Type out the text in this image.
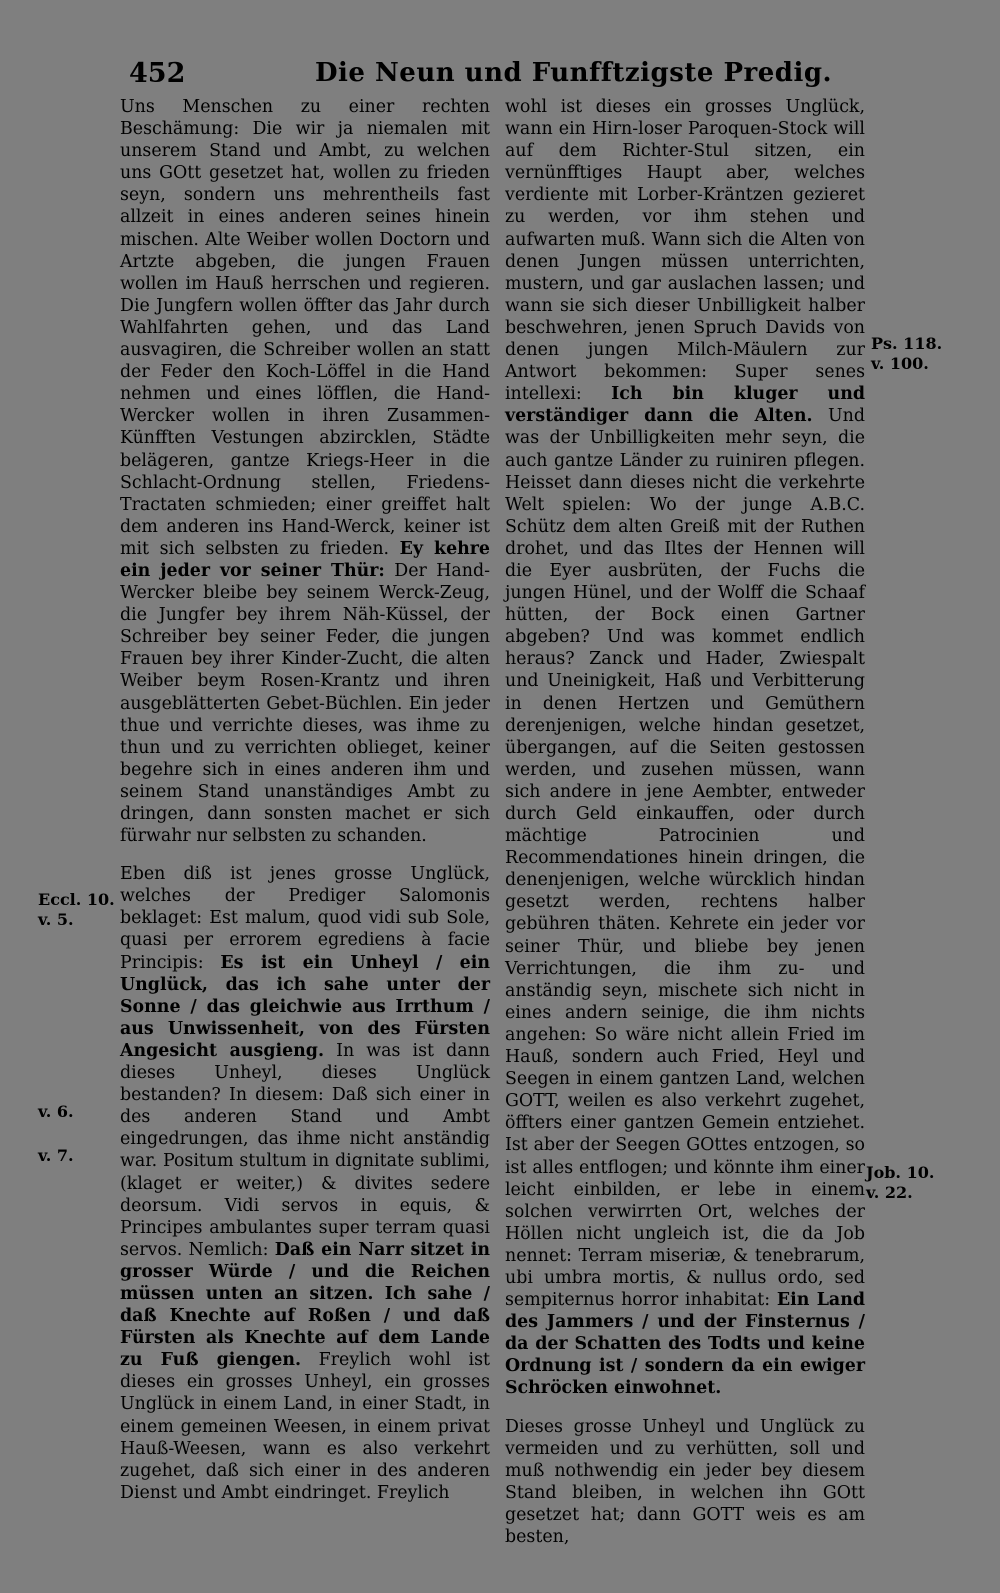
452	Die Neun und Funfftzigste Predig.

Uns Menschen zu einer rechten Beschämung: Die wir ja niemalen mit unserem Stand und Ambt, zu welchen uns GOtt gesetzet hat, wollen zu frieden seyn, sondern uns mehrentheils fast allzeit in eines anderen seines hinein mischen. Alte Weiber wollen Doctorn und Artzte abgeben, die jungen Frauen wollen im Hauß herrschen und regieren. Die Jungfern wollen öffter das Jahr durch Wahlfahrten gehen, und das Land ausvagiren, die Schreiber wollen an statt der Feder den Koch-Löffel in die Hand nehmen und eines löfflen, die Hand-Wercker wollen in ihren Zusammen-Künfften Vestungen abzircklen, Städte belägeren, gantze Kriegs-Heer in die Schlacht-Ordnung stellen, Friedens-Tractaten schmieden; einer greiffet halt dem anderen ins Hand-Werck, keiner ist mit sich selbsten zu frieden. Ey kehre ein jeder vor seiner Thür: Der Hand-Wercker bleibe bey seinem Werck-Zeug, die Jungfer bey ihrem Näh-Küssel, der Schreiber bey seiner Feder, die jungen Frauen bey ihrer Kinder-Zucht, die alten Weiber beym Rosen-Krantz und ihren ausgeblätterten Gebet-Büchlen. Ein jeder thue und verrichte dieses, was ihme zu thun und zu verrichten oblieget, keiner begehre sich in eines anderen ihm und seinem Stand unanständiges Ambt zu dringen, dann sonsten machet er sich fürwahr nur selbsten zu schanden.

Eben diß ist jenes grosse Unglück, welches der Prediger Salomonis beklaget: Est malum, quod vidi sub Sole, quasi per errorem egrediens à facie Principis: Es ist ein Unheyl / ein Unglück, das ich sahe unter der Sonne / das gleichwie aus Irrthum / aus Unwissenheit, von des Fürsten Angesicht ausgieng. In was ist dann dieses Unheyl, dieses Unglück bestanden? In diesem: Daß sich einer in des anderen Stand und Ambt eingedrungen, das ihme nicht anständig war. Positum stultum in dignitate sublimi, (klaget er weiter,) & divites sedere deorsum. Vidi servos in equis, & Principes ambulantes super terram quasi servos. Nemlich: Daß ein Narr sitzet in grosser Würde / und die Reichen müssen unten an sitzen. Ich sahe / daß Knechte auf Roßen / und daß Fürsten als Knechte auf dem Lande zu Fuß giengen. Freylich wohl ist dieses ein grosses Unheyl, ein grosses Unglück in einem Land, in einer Stadt, in einem gemeinen Weesen, in einem privat Hauß-Weesen, wann es also verkehrt zugehet, daß sich einer in des anderen Dienst und Ambt eindringet. Freylich

wohl ist dieses ein grosses Unglück, wann ein Hirn-loser Paroquen-Stock will auf dem Richter-Stul sitzen, ein vernünfftiges Haupt aber, welches verdiente mit Lorber-Kräntzen gezieret zu werden, vor ihm stehen und aufwarten muß. Wann sich die Alten von denen Jungen müssen unterrichten, mustern, und gar auslachen lassen; und wann sie sich dieser Unbilligkeit halber beschwehren, jenen Spruch Davids von denen jungen Milch-Mäulern zur Antwort bekommen: Super senes intellexi: Ich bin kluger und verständiger dann die Alten. Und was der Unbilligkeiten mehr seyn, die auch gantze Länder zu ruiniren pflegen. Heisset dann dieses nicht die verkehrte Welt spielen: Wo der junge A.B.C. Schütz dem alten Greiß mit der Ruthen drohet, und das Iltes der Hennen will die Eyer ausbrüten, der Fuchs die jungen Hünel, und der Wolff die Schaaf hütten, der Bock einen Gartner abgeben? Und was kommet endlich heraus? Zanck und Hader, Zwiespalt und Uneinigkeit, Haß und Verbitterung in denen Hertzen und Gemüthern derenjenigen, welche hindan gesetzet, übergangen, auf die Seiten gestossen werden, und zusehen müssen, wann sich andere in jene Aembter, entweder durch Geld einkauffen, oder durch mächtige Patrocinien und Recommendationes hinein dringen, die denenjenigen, welche würcklich hindan gesetzt werden, rechtens halber gebühren thäten. Kehrete ein jeder vor seiner Thür, und bliebe bey jenen Verrichtungen, die ihm zu- und anständig seyn, mischete sich nicht in eines andern seinige, die ihm nichts angehen: So wäre nicht allein Fried im Hauß, sondern auch Fried, Heyl und Seegen in einem gantzen Land, welchen GOTT, weilen es also verkehrt zugehet, öffters einer gantzen Gemein entziehet. Ist aber der Seegen GOttes entzogen, so ist alles entflogen; und könnte ihm einer leicht einbilden, er lebe in einem solchen verwirrten Ort, welches der Höllen nicht ungleich ist, die da Job nennet: Terram miseriæ, & tenebrarum, ubi umbra mortis, & nullus ordo, sed sempiternus horror inhabitat: Ein Land des Jammers / und der Finsternus / da der Schatten des Todts und keine Ordnung ist / sondern da ein ewiger Schröcken einwohnet.

Dieses grosse Unheyl und Unglück zu vermeiden und zu verhütten, soll und muß nothwendig ein jeder bey diesem Stand bleiben, in welchen ihn GOtt gesetzet hat; dann GOTT weis es am besten,

Ps. 118.
v. 100.
Eccl. 10.
v. 5.
v. 6.
v. 7.
Job. 10.
v. 22.
